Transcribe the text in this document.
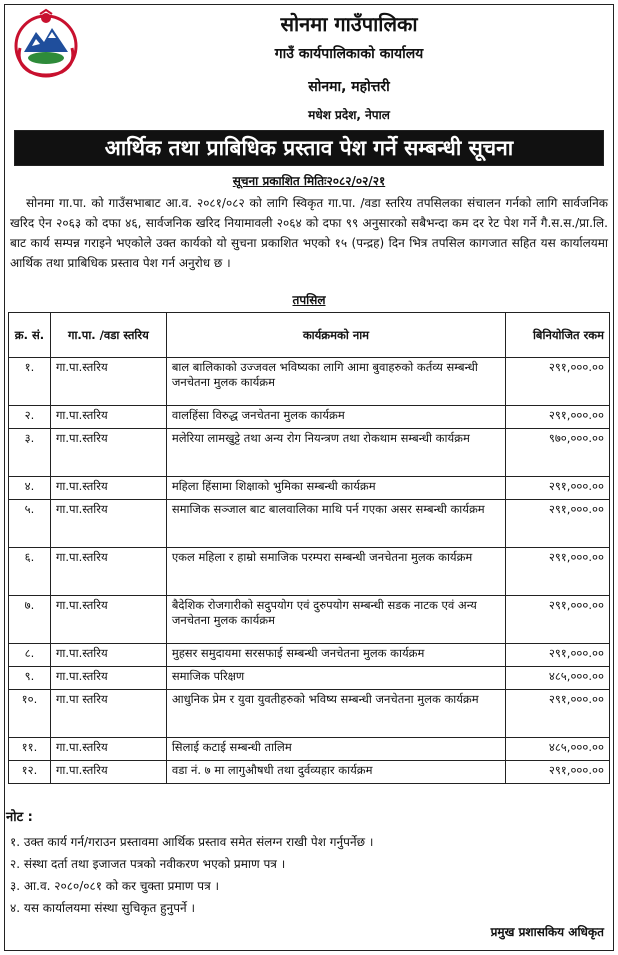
सोनमा गाउँपालिका
गाउँ कार्यपालिकाको कार्यालय
सोनमा, महोत्तरी
मधेश प्रदेश, नेपाल
आर्थिक तथा प्राबिधिक प्रस्ताव पेश गर्ने सम्बन्धी सूचना
सूचना प्रकाशित मितिः२०८२/०२/२१

सोनमा गा.पा. को गाउँसभाबाट आ.व. २०८१/०८२ को लागि स्विकृत गा.पा. /वडा स्तरिय तपसिलका संचालन गर्नको लागि सार्वजनिक खरिद ऐन २०६३ को दफा ४६, सार्वजनिक खरिद नियामावली २०६४ को दफा ९९ अनुसारको सबैभन्दा कम दर रेट पेश गर्ने गै.स.स./प्रा.लि. बाट कार्य सम्पन्न गराइने भएकोले उक्त कार्यको यो सुचना प्रकाशित भएको १५ (पन्द्रह) दिन भित्र तपसिल कागजात सहित यस कार्यालयमा आर्थिक तथा प्राबिधिक प्रस्ताव पेश गर्न अनुरोध छ ।

तपसिल
क्र. सं.	गा.पा. /वडा स्तरिय	कार्यक्रमको नाम	बिनियोजित रकम
१.	गा.पा.स्तरिय	बाल बालिकाको उज्जवल भविष्यका लागि आमा बुवाहरुको कर्तव्य सम्बन्धी जनचेतना मुलक कार्यक्रम	२९१,०००.००
२.	गा.पा.स्तरिय	वालहिंसा विरुद्ध जनचेतना मुलक कार्यक्रम	२९१,०००.००
३.	गा.पा.स्तरिय	मलेरिया लामखुट्टे तथा अन्य रोग नियन्त्रण तथा रोकथाम सम्बन्धी कार्यक्रम	९७०,०००.००
४.	गा.पा.स्तरिय	महिला हिंसामा शिक्षाको भुमिका सम्बन्धी कार्यक्रम	२९१,०००.००
५.	गा.पा.स्तरिय	समाजिक सञ्जाल बाट बालवालिका माथि पर्न गएका असर सम्बन्धी कार्यक्रम	२९१,०००.००
६.	गा.पा.स्तरिय	एकल महिला र हाम्रो समाजिक परम्परा सम्बन्धी जनचेतना मुलक कार्यक्रम	२९१,०००.००
७.	गा.पा.स्तरिय	बैदेशिक रोजगारीको सदुपयोग एवं दुरुपयोग सम्बन्धी सडक नाटक एवं अन्य जनचेतना मुलक कार्यक्रम	२९१,०००.००
८.	गा.पा.स्तरिय	मुहसर समुदायमा सरसफाई सम्बन्धी जनचेतना मुलक कार्यक्रम	२९१,०००.००
९.	गा.पा.स्तरिय	समाजिक परिक्षण	४८५,०००.००
१०.	गा.पा स्तरिय	आधुनिक प्रेम र युवा युवतीहरुको भविष्य सम्बन्धी जनचेतना मुलक कार्यक्रम	२९१,०००.००
११.	गा.पा.स्तरिय	सिलाई कटाई सम्बन्धी तालिम	४८५,०००.००
१२.	गा.पा.स्तरिय	वडा नं. ७ मा लागुऔषधी तथा दुर्वव्यहार कार्यक्रम	२९१,०००.००
नोट :
१. उक्त कार्य गर्न/गराउन प्रस्तावमा आर्थिक प्रस्ताव समेत संलग्न राखी पेश गर्नुपर्नेछ ।
२. संस्था दर्ता तथा इजाजत पत्रको नवीकरण भएको प्रमाण पत्र ।
३. आ.व. २०८०/०८१ को कर चुक्ता प्रमाण पत्र ।
४. यस कार्यालयमा संस्था सुचिकृत हुनुपर्ने ।
प्रमुख प्रशासकिय अधिकृत
